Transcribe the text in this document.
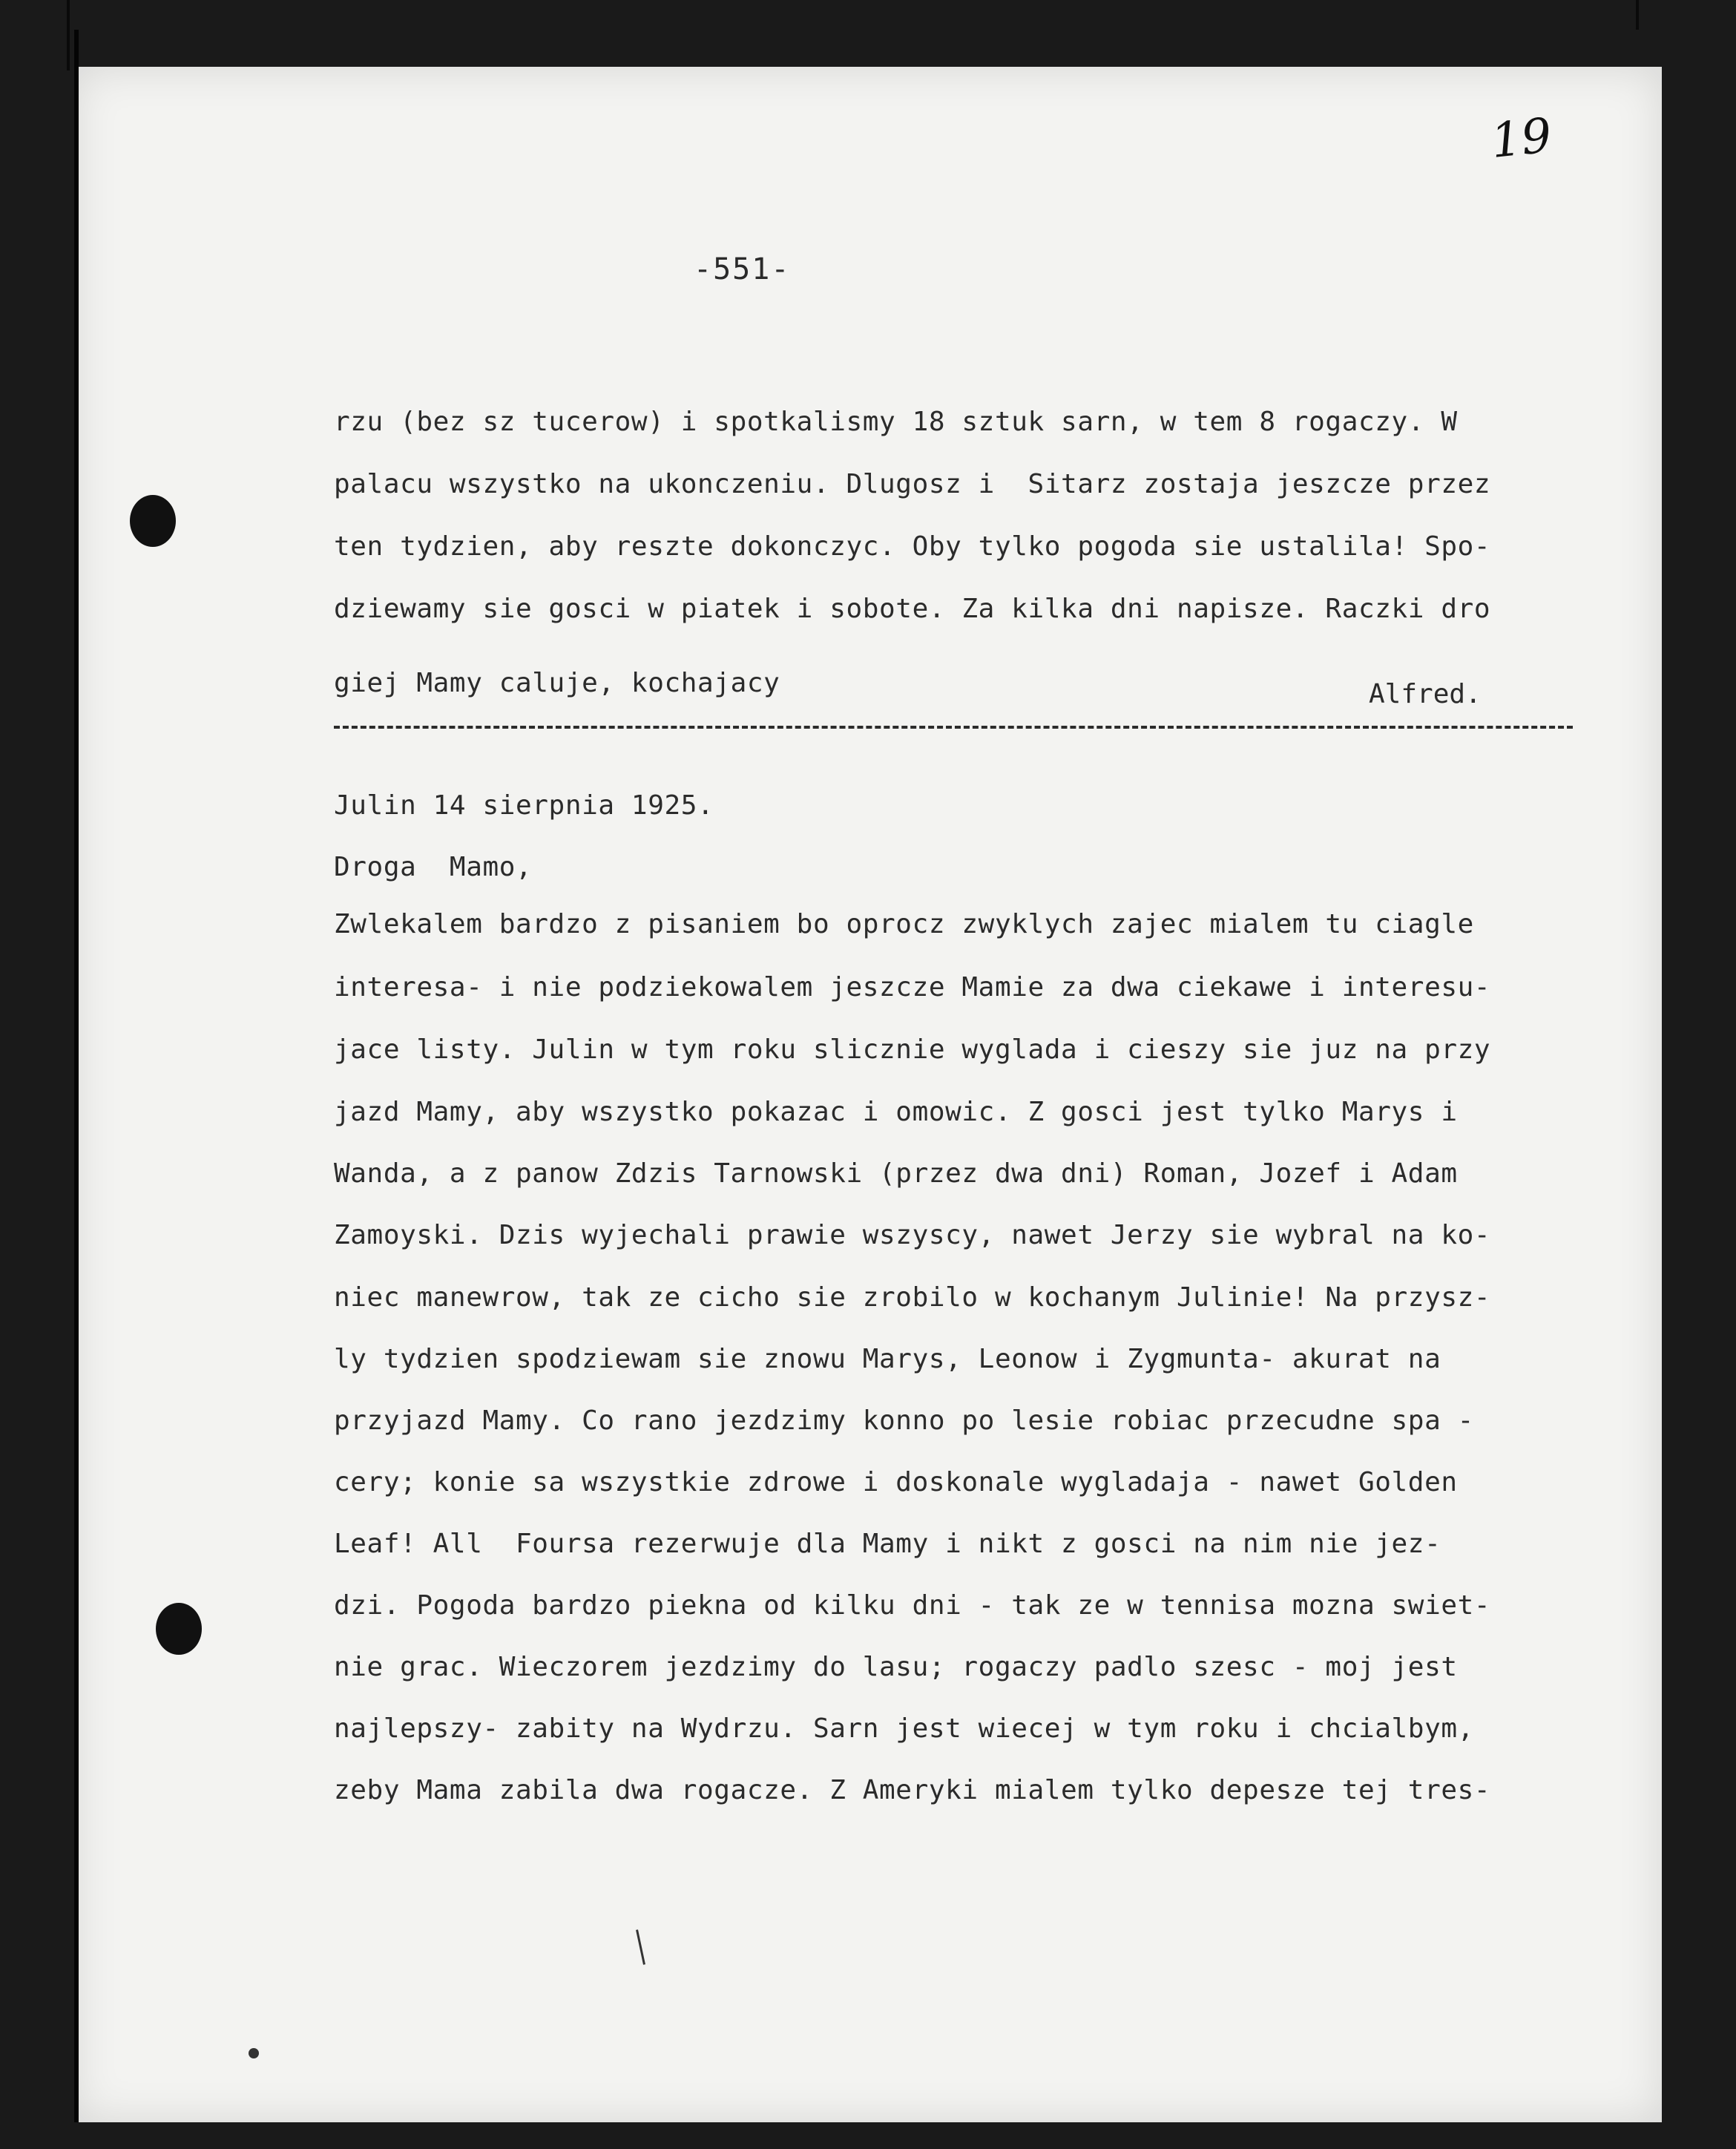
19
-551-
rzu (bez sz tucerow) i spotkalismy 18 sztuk sarn, w tem 8 rogaczy. W
palacu wszystko na ukonczeniu. Dlugosz i  Sitarz zostaja jeszcze przez
ten tydzien, aby reszte dokonczyc. Oby tylko pogoda sie ustalila! Spo-
dziewamy sie gosci w piatek i sobote. Za kilka dni napisze. Raczki dro
giej Mamy caluje, kochajacy	Alfred.
Julin 14 sierpnia 1925.
Droga  Mamo,
Zwlekalem bardzo z pisaniem bo oprocz zwyklych zajec mialem tu ciagle
interesa- i nie podziekowalem jeszcze Mamie za dwa ciekawe i interesu-
jace listy. Julin w tym roku slicznie wyglada i cieszy sie juz na przy
jazd Mamy, aby wszystko pokazac i omowic. Z gosci jest tylko Marys i
Wanda, a z panow Zdzis Tarnowski (przez dwa dni) Roman, Jozef i Adam
Zamoyski. Dzis wyjechali prawie wszyscy, nawet Jerzy sie wybral na ko-
niec manewrow, tak ze cicho sie zrobilo w kochanym Julinie! Na przysz-
ly tydzien spodziewam sie znowu Marys, Leonow i Zygmunta- akurat na
przyjazd Mamy. Co rano jezdzimy konno po lesie robiac przecudne spa -
cery; konie sa wszystkie zdrowe i doskonale wygladaja - nawet Golden
Leaf! All  Foursa rezerwuje dla Mamy i nikt z gosci na nim nie jez-
dzi. Pogoda bardzo piekna od kilku dni - tak ze w tennisa mozna swiet-
nie grac. Wieczorem jezdzimy do lasu; rogaczy padlo szesc - moj jest
najlepszy- zabity na Wydrzu. Sarn jest wiecej w tym roku i chcialbym,
zeby Mama zabila dwa rogacze. Z Ameryki mialem tylko depesze tej tres-
